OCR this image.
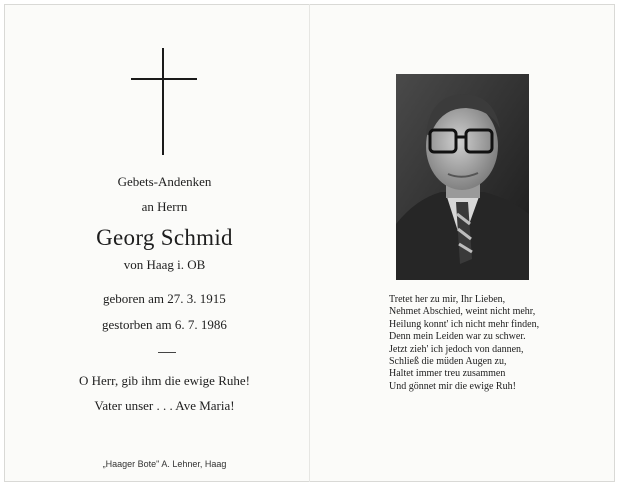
Gebets-Andenken
an Herrn
Georg Schmid
von Haag i. OB
geboren am 27. 3. 1915
gestorben am 6. 7. 1986
O Herr, gib ihm die ewige Ruhe!
Vater unser . . . Ave Maria!
„Haager Bote" A. Lehner, Haag
Tretet her zu mir, Ihr Lieben,
Nehmet Abschied, weint nicht mehr,
Heilung konnt' ich nicht mehr finden,
Denn mein Leiden war zu schwer.
Jetzt zieh' ich jedoch von dannen,
Schließ die müden Augen zu,
Haltet immer treu zusammen
Und gönnet mir die ewige Ruh!
